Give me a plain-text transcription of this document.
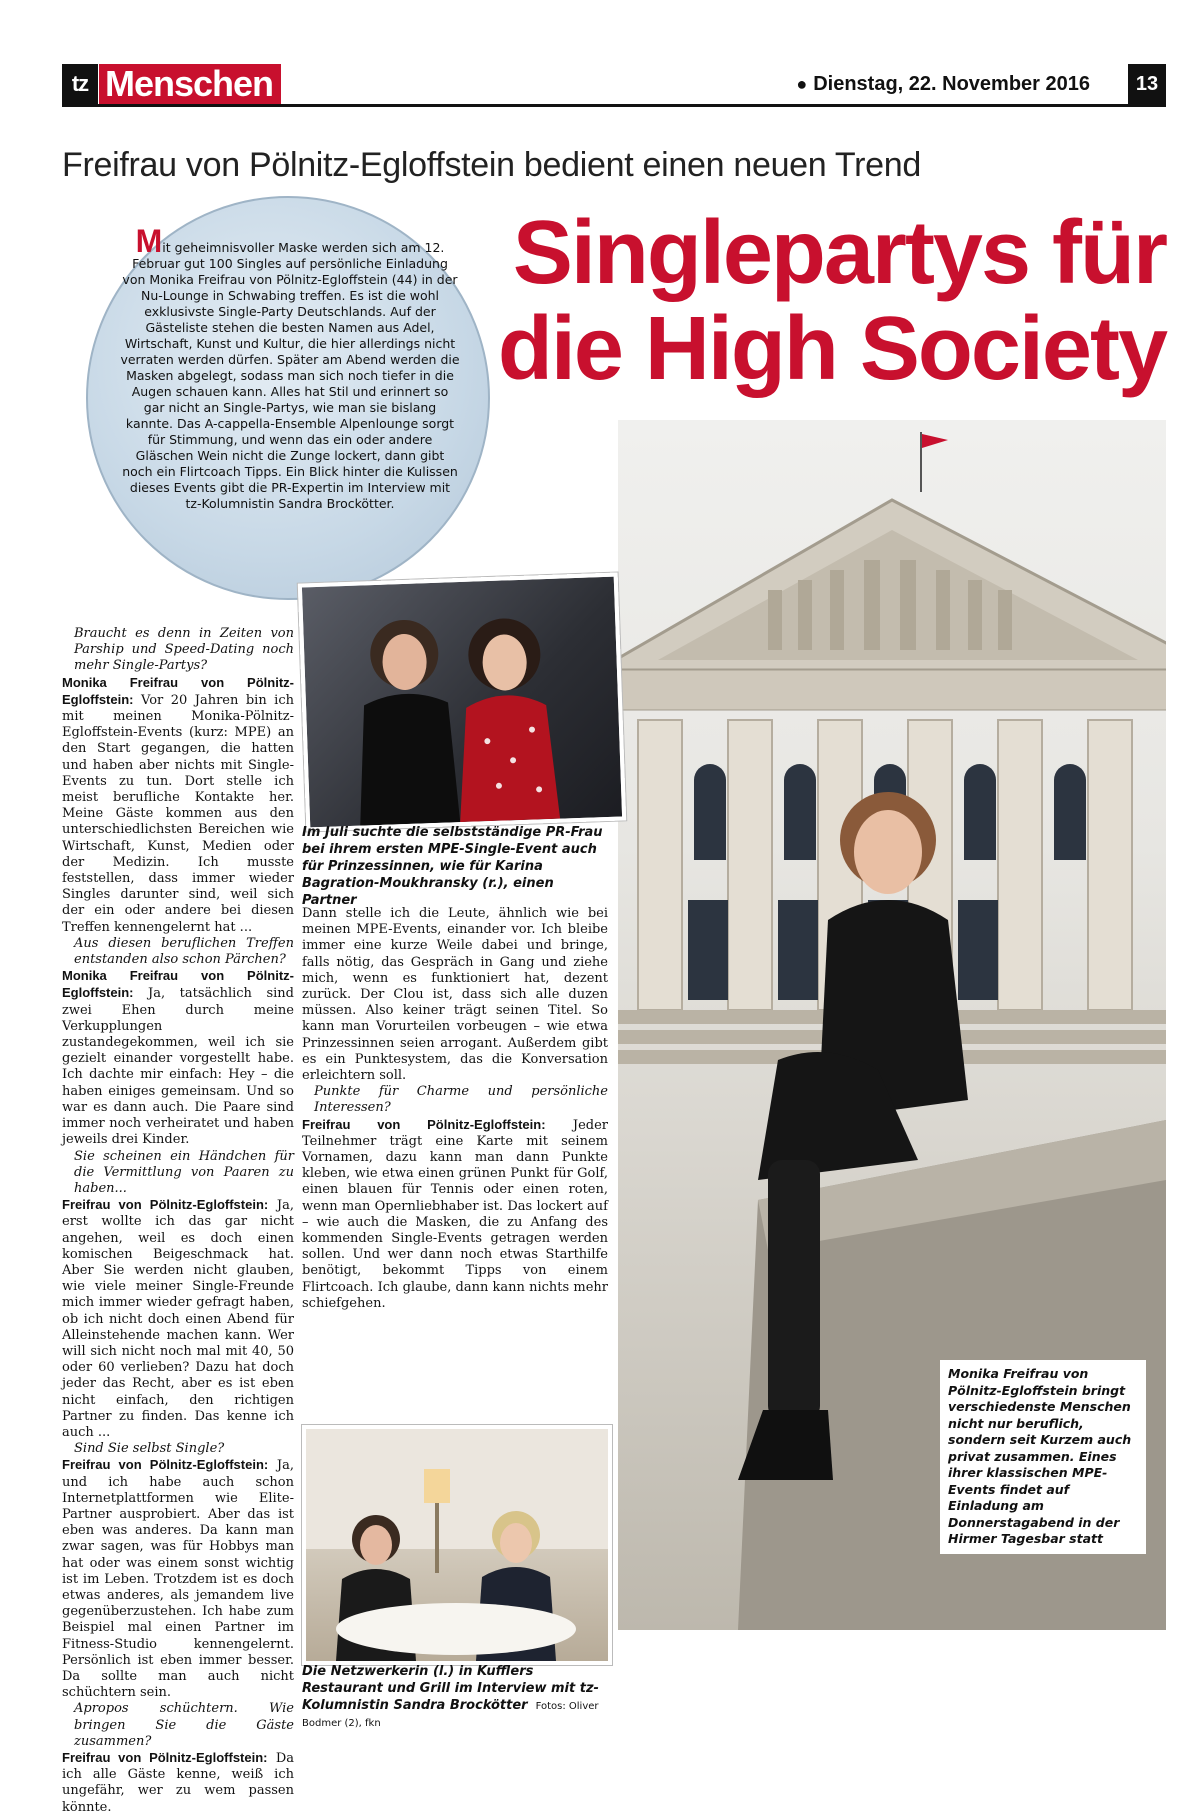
tz Menschen	● Dienstag, 22. November 2016	13
Freifrau von Pölnitz-Egloffstein bedient einen neuen Trend
Singlepartys für
die High Society
Mit geheimnisvoller Maske werden sich am 12. Februar gut 100 Singles auf persönliche Einladung von Monika Freifrau von Pölnitz-Egloffstein (44) in der Nu-Lounge in Schwabing treffen. Es ist die wohl exklusivste Single-Party Deutschlands. Auf der Gästeliste stehen die besten Namen aus Adel, Wirtschaft, Kunst und Kultur, die hier allerdings nicht verraten werden dürfen. Später am Abend werden die Masken abgelegt, sodass man sich noch tiefer in die Augen schauen kann. Alles hat Stil und erinnert so gar nicht an Single-Partys, wie man sie bislang kannte. Das A-cappella-Ensemble Alpenlounge sorgt für Stimmung, und wenn das ein oder andere Gläschen Wein nicht die Zunge lockert, dann gibt noch ein Flirtcoach Tipps. Ein Blick hinter die Kulissen dieses Events gibt die PR-Expertin im Interview mit tz-Kolumnistin Sandra Brockötter.
Im Juli suchte die selbstständige PR-Frau bei ihrem ersten MPE-Single-Event auch für Prinzessinnen, wie für Karina Bagration-Moukhransky (r.), einen Partner
Die Netzwerkerin (l.) in Kufflers Restaurant und Grill im Interview mit tz-Kolumnistin Sandra Brockötter Fotos: Oliver Bodmer (2), fkn
Monika Freifrau von Pölnitz-Egloffstein bringt verschiedenste Menschen nicht nur beruflich, sondern seit Kurzem auch privat zusammen. Eines ihrer klassischen MPE-Events findet auf Einladung am Donnerstagabend in der Hirmer Tagesbar statt

Braucht es denn in Zeiten von Parship und Speed-Dating noch mehr Single-Partys?

Monika Freifrau von Pölnitz-Egloffstein: Vor 20 Jahren bin ich mit meinen Monika-Pölnitz-Egloffstein-Events (kurz: MPE) an den Start gegangen, die hatten und haben aber nichts mit Single-Events zu tun. Dort stelle ich meist berufliche Kontakte her. Meine Gäste kommen aus den unterschiedlichsten Bereichen wie Wirtschaft, Kunst, Medien oder der Medizin. Ich musste feststellen, dass immer wieder Singles darunter sind, weil sich der ein oder andere bei diesen Treffen kennengelernt hat ...

Aus diesen beruflichen Treffen entstanden also schon Pärchen?

Monika Freifrau von Pölnitz-Egloffstein: Ja, tatsächlich sind zwei Ehen durch meine Verkupplungen zustandegekommen, weil ich sie gezielt einander vorgestellt habe. Ich dachte mir einfach: Hey – die haben einiges gemeinsam. Und so war es dann auch. Die Paare sind immer noch verheiratet und haben jeweils drei Kinder.

Sie scheinen ein Händchen für die Vermittlung von Paaren zu haben...

Freifrau von Pölnitz-Egloffstein: Ja, erst wollte ich das gar nicht angehen, weil es doch einen komischen Beigeschmack hat. Aber Sie werden nicht glauben, wie viele meiner Single-Freunde mich immer wieder gefragt haben, ob ich nicht doch einen Abend für Alleinstehende machen kann. Wer will sich nicht noch mal mit 40, 50 oder 60 verlieben? Dazu hat doch jeder das Recht, aber es ist eben nicht einfach, den richtigen Partner zu finden. Das kenne ich auch ...

Sind Sie selbst Single?

Freifrau von Pölnitz-Egloffstein: Ja, und ich habe auch schon Internetplattformen wie Elite-Partner ausprobiert. Aber das ist eben was anderes. Da kann man zwar sagen, was für Hobbys man hat oder was einem sonst wichtig ist im Leben. Trotzdem ist es doch etwas anderes, als jemandem live gegenüberzustehen. Ich habe zum Beispiel mal einen Partner im Fitness-Studio kennengelernt. Persönlich ist eben immer besser. Da sollte man auch nicht schüchtern sein.

Apropos schüchtern. Wie bringen Sie die Gäste zusammen?

Freifrau von Pölnitz-Egloffstein: Da ich alle Gäste kenne, weiß ich ungefähr, wer zu wem passen könnte.

Dann stelle ich die Leute, ähnlich wie bei meinen MPE-Events, einander vor. Ich bleibe immer eine kurze Weile dabei und bringe, falls nötig, das Gespräch in Gang und ziehe mich, wenn es funktioniert hat, dezent zurück. Der Clou ist, dass sich alle duzen müssen. Also keiner trägt seinen Titel. So kann man Vorurteilen vorbeugen – wie etwa Prinzessinnen seien arrogant. Außerdem gibt es ein Punktesystem, das die Konversation erleichtern soll.

Punkte für Charme und persönliche Interessen?

Freifrau von Pölnitz-Egloffstein: Jeder Teilnehmer trägt eine Karte mit seinem Vornamen, dazu kann man dann Punkte kleben, wie etwa einen grünen Punkt für Golf, einen blauen für Tennis oder einen roten, wenn man Opernliebhaber ist. Das lockert auf – wie auch die Masken, die zu Anfang des kommenden Single-Events getragen werden sollen. Und wer dann noch etwas Starthilfe benötigt, bekommt Tipps von einem Flirtcoach. Ich glaube, dann kann nichts mehr schiefgehen.
